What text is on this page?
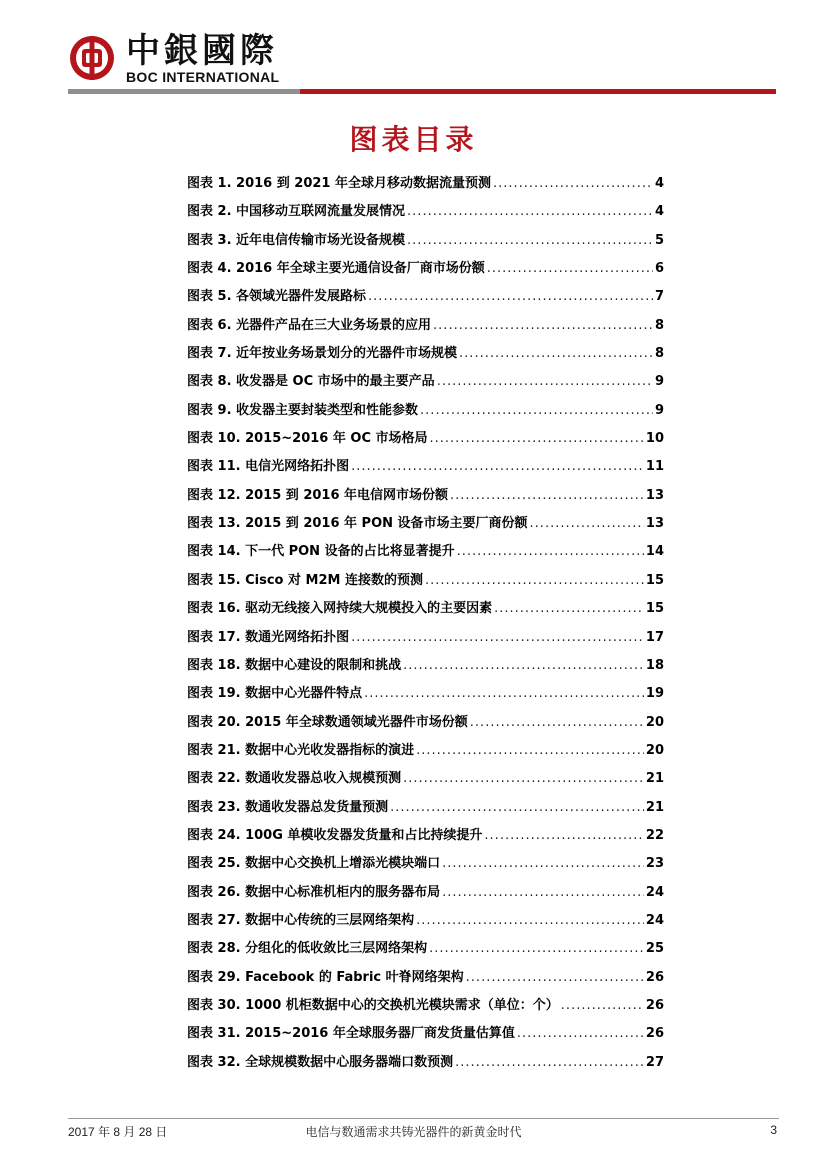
中銀國際
BOC INTERNATIONAL
图表目录
图表 1. 2016 到 2021 年全球月移动数据流量预测 .....	4
图表 2. 中国移动互联网流量发展情况 .....	4
图表 3. 近年电信传输市场光设备规模 .....	5
图表 4. 2016 年全球主要光通信设备厂商市场份额 .....	6
图表 5. 各领域光器件发展路标 .....	7
图表 6. 光器件产品在三大业务场景的应用 .....	8
图表 7. 近年按业务场景划分的光器件市场规模 .....	8
图表 8. 收发器是 OC 市场中的最主要产品 .....	9
图表 9. 收发器主要封装类型和性能参数 .....	9
图表 10. 2015~2016 年 OC 市场格局 .....	10
图表 11. 电信光网络拓扑图 .....	11
图表 12. 2015 到 2016 年电信网市场份额 .....	13
图表 13. 2015 到 2016 年 PON 设备市场主要厂商份额 .....	13
图表 14. 下一代 PON 设备的占比将显著提升 .....	14
图表 15. Cisco 对 M2M 连接数的预测 .....	15
图表 16. 驱动无线接入网持续大规模投入的主要因素 .....	15
图表 17. 数通光网络拓扑图 .....	17
图表 18. 数据中心建设的限制和挑战 .....	18
图表 19. 数据中心光器件特点 .....	19
图表 20. 2015 年全球数通领域光器件市场份额 .....	20
图表 21. 数据中心光收发器指标的演进 .....	20
图表 22. 数通收发器总收入规模预测 .....	21
图表 23. 数通收发器总发货量预测 .....	21
图表 24. 100G 单模收发器发货量和占比持续提升 .....	22
图表 25. 数据中心交换机上增添光模块端口 .....	23
图表 26. 数据中心标准机柜内的服务器布局 .....	24
图表 27. 数据中心传统的三层网络架构 .....	24
图表 28. 分组化的低收敛比三层网络架构 .....	25
图表 29. Facebook 的 Fabric 叶脊网络架构 .....	26
图表 30. 1000 机柜数据中心的交换机光模块需求（单位：个） .....	26
图表 31. 2015~2016 年全球服务器厂商发货量估算值 .....	26
图表 32. 全球规模数据中心服务器端口数预测 .....	27
2017 年 8 月 28 日	电信与数通需求共铸光器件的新黄金时代	3
